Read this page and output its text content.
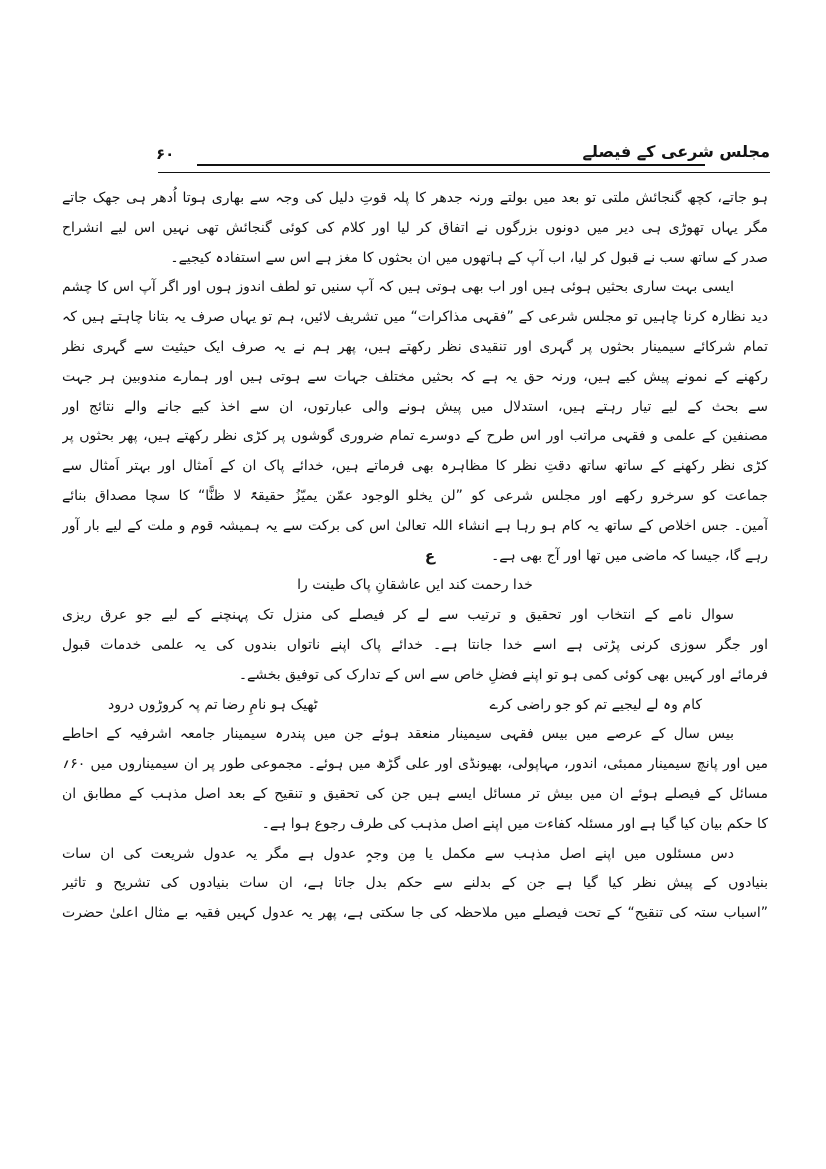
مجلس شرعی کے فیصلے
۶۰
ہو جاتے، کچھ گنجائش ملتی تو بعد میں بولتے ورنہ جدھر کا پلہ قوتِ دلیل کی وجہ سے بھاری ہوتا اُدھر ہی جھک جاتے
مگر یہاں تھوڑی ہی دیر میں دونوں بزرگوں نے اتفاق کر لیا اور کلام کی کوئی گنجائش تھی نہیں اس لیے انشراح
صدر کے ساتھ سب نے قبول کر لیا، اب آپ کے ہاتھوں میں ان بحثوں کا مغز ہے اس سے استفادہ کیجیے۔
ایسی بہت ساری بحثیں ہوئی ہیں اور اب بھی ہوتی ہیں کہ آپ سنیں تو لطف اندوز ہوں اور اگر آپ اس کا چشم
دید نظارہ کرنا چاہیں تو مجلس شرعی کے ”فقہی مذاکرات“ میں تشریف لائیں، ہم تو یہاں صرف یہ بتانا چاہتے ہیں کہ
تمام شرکائے سیمینار بحثوں پر گہری اور تنقیدی نظر رکھتے ہیں، پھر ہم نے یہ صرف ایک حیثیت سے گہری نظر
رکھنے کے نمونے پیش کیے ہیں، ورنہ حق یہ ہے کہ بحثیں مختلف جہات سے ہوتی ہیں اور ہمارے مندوبین ہر جہت
سے بحث کے لیے تیار رہتے ہیں، استدلال میں پیش ہونے والی عبارتوں، ان سے اخذ کیے جانے والے نتائج اور
مصنفین کے علمی و فقہی مراتب اور اس طرح کے دوسرے تمام ضروری گوشوں پر کڑی نظر رکھتے ہیں، پھر بحثوں پر
کڑی نظر رکھنے کے ساتھ ساتھ دقتِ نظر کا مظاہرہ بھی فرماتے ہیں، خدائے پاک ان کے اَمثال اور بہتر اَمثال سے
جماعت کو سرخرو رکھے اور مجلس شرعی کو ”لن یخلو الوجود عمّن یمیّزُ حقیقۃً لا ظنًّا“ کا سچا مصداق بنائے
آمین۔ جس اخلاص کے ساتھ یہ کام ہو رہا ہے انشاء اللہ تعالیٰ اس کی برکت سے یہ ہمیشہ قوم و ملت کے لیے بار آور
رہے گا، جیسا کہ ماضی میں تھا اور آج بھی ہے۔
ع
خدا رحمت کند ایں عاشقانِ پاک طینت را
سوال نامے کے انتخاب اور تحقیق و ترتیب سے لے کر فیصلے کی منزل تک پہنچنے کے لیے جو عرق ریزی
اور جگر سوزی کرنی پڑتی ہے اسے خدا جانتا ہے۔ خدائے پاک اپنے ناتواں بندوں کی یہ علمی خدمات قبول
فرمائے اور کہیں بھی کوئی کمی ہو تو اپنے فضلِ خاص سے اس کے تدارک کی توفیق بخشے۔
کام وہ لے لیجیے تم کو جو راضی کرے
ٹھیک ہو نامِ رضا تم پہ کروڑوں درود
بیس سال کے عرصے میں بیس فقہی سیمینار منعقد ہوئے جن میں پندرہ سیمینار جامعہ اشرفیہ کے احاطے
میں اور پانچ سیمینار ممبئی، اندور، مہاپولی، بھیونڈی اور علی گڑھ میں ہوئے۔ مجموعی طور پر ان سیمیناروں میں ۶۰؍
مسائل کے فیصلے ہوئے ان میں بیش تر مسائل ایسے ہیں جن کی تحقیق و تنقیح کے بعد اصل مذہب کے مطابق ان
کا حکم بیان کیا گیا ہے اور مسئلہ کفاءت میں اپنے اصل مذہب کی طرف رجوع ہوا ہے۔
دس مسئلوں میں اپنے اصل مذہب سے مکمل یا مِن وجہٍ عدول ہے مگر یہ عدول شریعت کی ان سات
بنیادوں کے پیش نظر کیا گیا ہے جن کے بدلنے سے حکم بدل جاتا ہے، ان سات بنیادوں کی تشریح و تاثیر
”اسباب ستہ کی تنقیح“ کے تحت فیصلے میں ملاحظہ کی جا سکتی ہے، پھر یہ عدول کہیں فقیہ بے مثال اعلیٰ حضرت
